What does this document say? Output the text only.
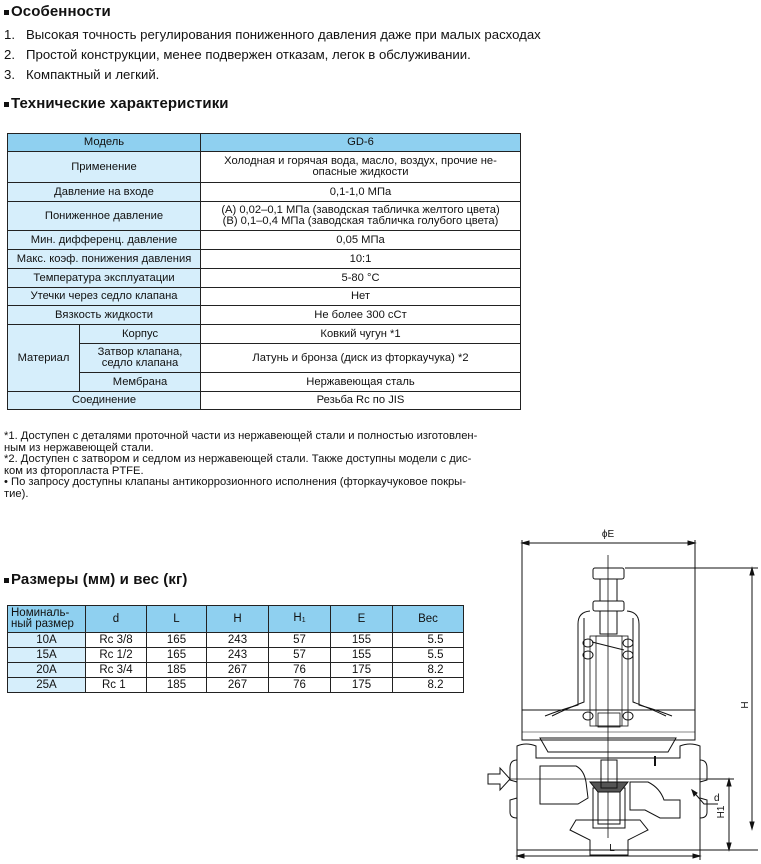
Особенности
1. Высокая точность регулирования пониженного давления даже при малых расходах
2. Простой конструкции, менее подвержен отказам, легок в обслуживании.
3. Компактный и легкий.
Технические характеристики
Модель		GD-6
Применение		Холодная и горячая вода, масло, воздух, прочие не-
опасные жидкости

Давление на входе		0,1-1,0 МПа
Пониженное давление		(A) 0,02–0,1 МПа (заводская табличка желтого цвета)
(B) 0,1–0,4 МПа (заводская табличка голубого цвета)

Мин. дифференц. давление		0,05 МПа
Макс. коэф. понижения давления		10:1
Температура эксплуатации		5-80 °C
Утечки через седло клапана		Нет
Вязкость жидкости		Не более 300 сСт
Материал	Корпус	Ковкий чугун *1

	Затвор клапана,
седло клапана	Латунь и бронза (диск из фторкаучука) *2
	Мембрана	Нержавеющая сталь
Соединение		Резьба Rc по JIS
*1. Доступен с деталями проточной части из нержавеющей стали и полностью изготовлен-
ным из нержавеющей стали.
*2. Доступен с затвором и седлом из нержавеющей стали. Также доступны модели с дис-
ком из фторопласта PTFE.
• По запросу доступны клапаны антикоррозионного исполнения (фторкаучуковое покры-
тие).
Размеры (мм) и вес (кг)
Номиналь-
ный размер	d	L	H	H1	E	Вес
10A	Rc 3/8	165	243	57	155	5.5
15A	Rc 1/2	165	243	57	155	5.5
20A	Rc 3/4	185	267	76	175	8.2
25A	Rc 1	185	267	76	175	8.2
ϕE
H
H1
d
L
